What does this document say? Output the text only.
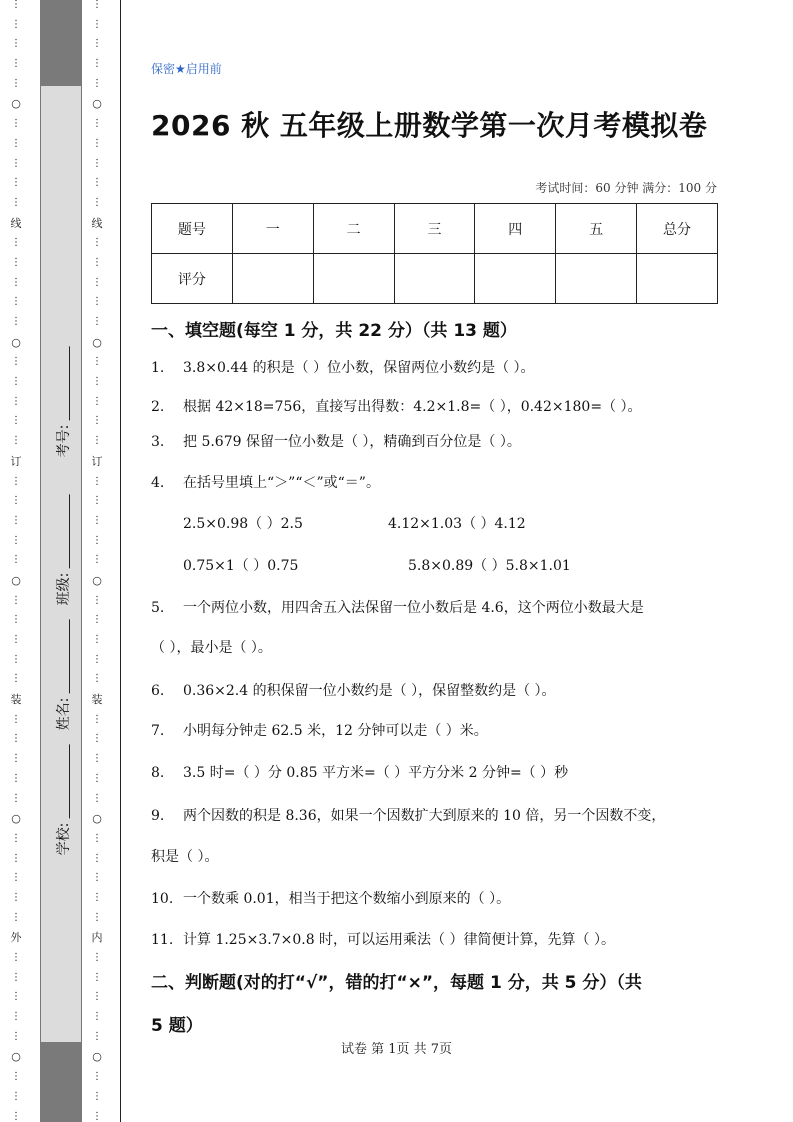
⋮
⋮
⋮
⋮
⋮
○
⋮
⋮
⋮
⋮
⋮
线
⋮
⋮
⋮
⋮
⋮
○
⋮
⋮
⋮
⋮
⋮
订
⋮
⋮
⋮
⋮
⋮
○
⋮
⋮
⋮
⋮
⋮
装
⋮
⋮
⋮
⋮
⋮
○
⋮
⋮
⋮
⋮
⋮
外
⋮
⋮
⋮
⋮
⋮
○
⋮
⋮
⋮
⋮
⋮
⋮
⋮
⋮
○
⋮
⋮
⋮
⋮
⋮
线
⋮
⋮
⋮
⋮
⋮
○
⋮
⋮
⋮
⋮
⋮
订
⋮
⋮
⋮
⋮
⋮
○
⋮
⋮
⋮
⋮
⋮
装
⋮
⋮
⋮
⋮
⋮
○
⋮
⋮
⋮
⋮
⋮
内
⋮
⋮
⋮
⋮
⋮
○
⋮
⋮
⋮
考号:
班级:
姓名:
学校:
保密★启用前
2026 秋 五年级上册数学第一次月考模拟卷
考试时间：60 分钟 满分：100 分
题号	一	二	三	四	五	总分
评分						
一、填空题(每空 1 分，共 22 分）（共 13 题）
1. 3.8×0.44 的积是（ ）位小数，保留两位小数约是（ ）。
2. 根据 42×18=756，直接写出得数：4.2×1.8=（ ），0.42×180=（ ）。
3. 把 5.679 保留一位小数是（ ），精确到百分位是（ ）。
4. 在括号里填上“＞”“＜”或“＝”。
2.5×0.98（ ）2.5	4.12×1.03（ ）4.12
0.75×1（ ）0.75	5.8×0.89（ ）5.8×1.01
5. 一个两位小数，用四舍五入法保留一位小数后是 4.6，这个两位小数最大是
（ ），最小是（ ）。
6. 0.36×2.4 的积保留一位小数约是（ ），保留整数约是（ ）。
7. 小明每分钟走 62.5 米，12 分钟可以走（ ）米。
8. 3.5 时=（ ）分 0.85 平方米=（ ）平方分米 2 分钟=（ ）秒
9. 两个因数的积是 8.36，如果一个因数扩大到原来的 10 倍，另一个因数不变，
积是（ ）。
10. 一个数乘 0.01，相当于把这个数缩小到原来的（ ）。
11. 计算 1.25×3.7×0.8 时，可以运用乘法（ ）律简便计算，先算（ ）。
二、判断题(对的打“√”，错的打“×”，每题 1 分，共 5 分）（共
5 题）
试卷 第 1页 共 7页
